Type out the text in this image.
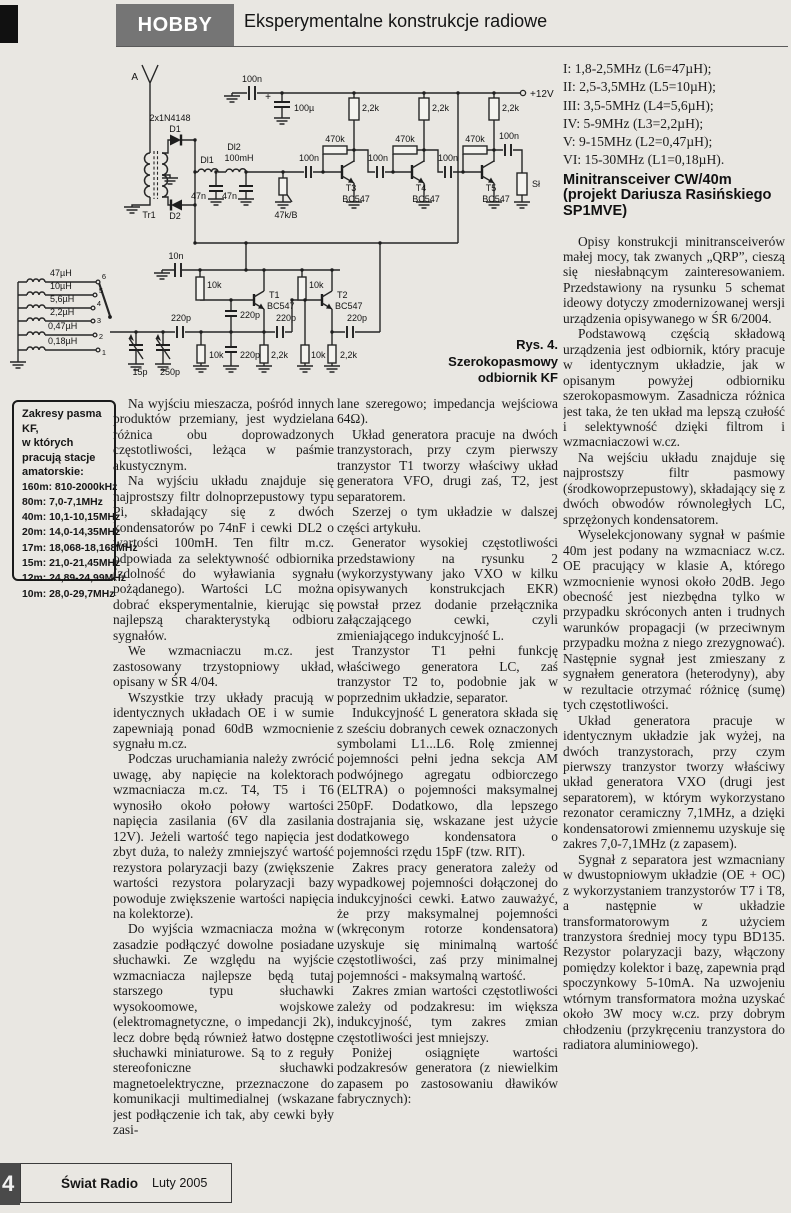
HOBBY Eksperymentalne konstrukcje radiowe
A
2x1N4148
D1
D2
Tr1
Dl1
Dl2
100mH
47n 47n
47k/B
100n
100n
100µ
+	+12V
2,2k	2,2k	2,2k
470k	470k	470k
100n	100n
100n
T3
BC547
T4
BC547
T5
BC547
Sł
10n
10k	10k
T1
BC547
T2
BC547
220p	220p 220p	220p
10k 220p 2,2k	10k 2,2k
15p 250p
47µH
10µH
5,6µH
2,2µH
0,47µH
0,18µH
6
5
4
3
2
1
Rys. 4. Szerokopasmowy
odbiornik KF
Zakresy pasma KF,
w których pracują stacje
amatorskie:
160m: 810-2000kHz
80m: 7,0-7,1MHz
40m: 10,1-10,15MHz
20m: 14,0-14,35MHz
17m: 18,068-18,168MHz
15m: 21,0-21,45MHz
12m: 24,89-24,99MHz
10m: 28,0-29,7MHz

Na wyjściu mieszacza, pośród innych produktów przemiany, jest wydzielana różnica obu doprowadzonych częstotliwości, leżąca w paśmie akustycznym.

Na wyjściu układu znajduje się najprostszy filtr dolnoprzepustowy typu Pi, składający się z dwóch kondensatorów po 74nF i cewki DL2 o wartości 100mH. Ten filtr m.cz. odpowiada za selektywność odbiornika (zdolność do wyławiania sygnału pożądanego). Wartości LC można dobrać eksperymentalnie, kierując się najlepszą charakterystyką odbioru sygnałów.

We wzmacniaczu m.cz. jest zastosowany trzystopniowy układ, opisany w ŚR 4/04.

Wszystkie trzy układy pracują w identycznych układach OE i w sumie zapewniają ponad 60dB wzmocnienie sygnału m.cz.

Podczas uruchamiania należy zwrócić uwagę, aby napięcie na kolektorach wzmacniacza m.cz. T4, T5 i T6 wynosiło około połowy wartości napięcia zasilania (6V dla zasilania 12V). Jeżeli wartość tego napięcia jest zbyt duża, to należy zmniejszyć wartość rezystora polaryzacji bazy (zwiększenie wartości rezystora polaryzacji bazy powoduje zwiększenie wartości napięcia na kolektorze).

Do wyjścia wzmacniacza można w zasadzie podłączyć dowolne posiadane słuchawki. Ze względu na wyjście wzmacniacza najlepsze będą tutaj starszego typu słuchawki wysokoomowe, wojskowe (elektromagnetyczne, o impedancji 2k), lecz dobre będą również łatwo dostępne słuchawki miniaturowe. Są to z reguły stereofoniczne słuchawki magnetoelektryczne, przeznaczone do komunikacji multimedialnej (wskazane jest podłączenie ich tak, aby cewki były zasi-

lane szeregowo; impedancja wejściowa 64Ω).

Układ generatora pracuje na dwóch tranzystorach, przy czym pierwszy tranzystor T1 tworzy właściwy układ generatora VFO, drugi zaś, T2, jest separatorem.

Szerzej o tym układzie w dalszej części artykułu.

Generator wysokiej częstotliwości przedstawiony na rysunku 2 (wykorzystywany jako VXO w kilku opisywanych konstrukcjach EKR) powstał przez dodanie przełącznika załączającego cewki, czyli zmieniającego indukcyjność L.

Tranzystor T1 pełni funkcję właściwego generatora LC, zaś tranzystor T2 to, podobnie jak w poprzednim układzie, separator.

Indukcyjność L generatora składa się z sześciu dobranych cewek oznaczonych symbolami L1...L6. Rolę zmiennej pojemności pełni jedna sekcja AM podwójnego agregatu odbiorczego (ELTRA) o pojemności maksymalnej 250pF. Dodatkowo, dla lepszego dostrajania się, wskazane jest użycie dodatkowego kondensatora o pojemności rzędu 15pF (tzw. RIT).

Zakres pracy generatora zależy od wypadkowej pojemności dołączonej do indukcyjności cewki. Łatwo zauważyć, że przy maksymalnej pojemności (wkręconym rotorze kondensatora) uzyskuje się minimalną wartość częstotliwości, zaś przy minimalnej pojemności - maksymalną wartość.

Zakres zmian wartości częstotliwości zależy od podzakresu: im większa indukcyjność, tym zakres zmian częstotliwości jest mniejszy.

Poniżej osiągnięte wartości podzakresów generatora (z niewielkim zapasem po zastosowaniu dławików fabrycznych):

I: 1,8-2,5MHz (L6=47µH);
II: 2,5-3,5MHz (L5=10µH);
III: 3,5-5MHz (L4=5,6µH);
IV: 5-9MHz (L3=2,2µH);
V: 9-15MHz (L2=0,47µH);
VI: 15-30MHz (L1=0,18µH).
Minitransceiver CW/40m
(projekt Dariusza Rasińskiego
SP1MVE)

Opisy konstrukcji minitransceiverów małej mocy, tak zwanych „QRP”, cieszą się niesłabnącym zainteresowaniem. Przedstawiony na rysunku 5 schemat ideowy dotyczy zmodernizowanej wersji urządzenia opisywanego w ŚR 6/2004.

Podstawową częścią składową urządzenia jest odbiornik, który pracuje w identycznym układzie, jak w opisanym powyżej odbiorniku szerokopasmowym. Zasadnicza różnica jest taka, że ten układ ma lepszą czułość i selektywność dzięki filtrom i wzmacniaczowi w.cz.

Na wejściu układu znajduje się najprostszy filtr pasmowy (środkowoprzepustowy), składający się z dwóch obwodów równoległych LC, sprzężonych kondensatorem.

Wyselekcjonowany sygnał w paśmie 40m jest podany na wzmacniacz w.cz. OE pracujący w klasie A, którego wzmocnienie wynosi około 20dB. Jego obecność jest niezbędna tylko w przypadku skróconych anten i trudnych warunków propagacji (w przeciwnym przypadku można z niego zrezygnować). Następnie sygnał jest zmieszany z sygnałem generatora (heterodyny), aby w rezultacie otrzymać różnicę (sumę) tych częstotliwości.

Układ generatora pracuje w identycznym układzie jak wyżej, na dwóch tranzystorach, przy czym pierwszy tranzystor tworzy właściwy układ generatora VXO (drugi jest separatorem), w którym wykorzystano rezonator ceramiczny 7,1MHz, a dzięki kondensatorowi zmiennemu uzyskuje się zakres 7,0-7,1MHz (z zapasem).

Sygnał z separatora jest wzmacniany w dwustopniowym układzie (OE + OC) z wykorzystaniem tranzystorów T7 i T8, a następnie w układzie transformatorowym z użyciem tranzystora średniej mocy typu BD135. Rezystor polaryzacji bazy, włączony pomiędzy kolektor i bazę, zapewnia prąd spoczynkowy 5-10mA. Na uzwojeniu wtórnym transformatora można uzyskać około 3W mocy w.cz. przy dobrym chłodzeniu (przykręceniu tranzystora do radiatora aluminiowego).

4	Świat Radio Luty 2005
